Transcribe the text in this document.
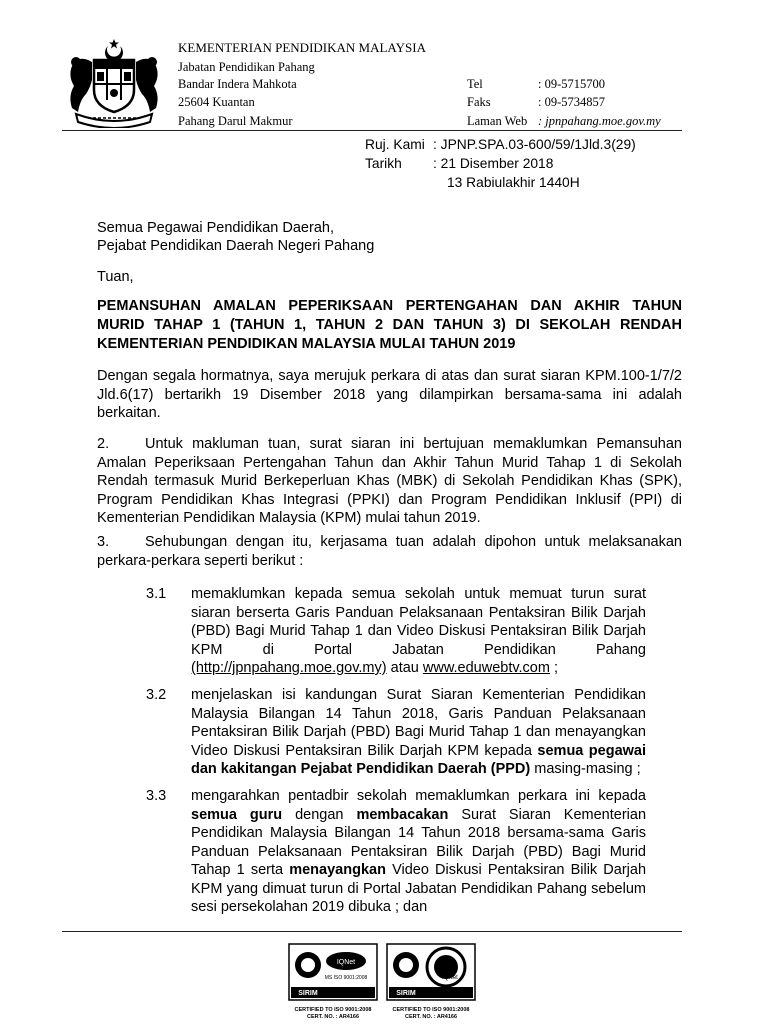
KEMENTERIAN PENDIDIKAN MALAYSIA
Jabatan Pendidikan Pahang
Bandar Indera Mahkota
25604 Kuantan
Pahang Darul Makmur
Tel	: 09-5715700
Faks	: 09-5734857
Laman Web : jpnpahang.moe.gov.my
Ruj. Kami : JPNP.SPA.03-600/59/1Jld.3(29)
Tarikh : 21 Disember 2018
13 Rabiulakhir 1440H
Semua Pegawai Pendidikan Daerah,
Pejabat Pendidikan Daerah Negeri Pahang
Tuan,
PEMANSUHAN AMALAN PEPERIKSAAN PERTENGAHAN DAN AKHIR TAHUN MURID TAHAP 1 (TAHUN 1, TAHUN 2 DAN TAHUN 3) DI SEKOLAH RENDAH KEMENTERIAN PENDIDIKAN MALAYSIA MULAI TAHUN 2019
Dengan segala hormatnya, saya merujuk perkara di atas dan surat siaran KPM.100-1/7/2 Jld.6(17) bertarikh 19 Disember 2018 yang dilampirkan bersama-sama ini adalah berkaitan.
2. Untuk makluman tuan, surat siaran ini bertujuan memaklumkan Pemansuhan Amalan Peperiksaan Pertengahan Tahun dan Akhir Tahun Murid Tahap 1 di Sekolah Rendah termasuk Murid Berkeperluan Khas (MBK) di Sekolah Pendidikan Khas (SPK), Program Pendidikan Khas Integrasi (PPKI) dan Program Pendidikan Inklusif (PPI) di Kementerian Pendidikan Malaysia (KPM) mulai tahun 2019.
3. Sehubungan dengan itu, kerjasama tuan adalah dipohon untuk melaksanakan perkara-perkara seperti berikut :
3.1 memaklumkan kepada semua sekolah untuk memuat turun surat siaran berserta Garis Panduan Pelaksanaan Pentaksiran Bilik Darjah (PBD) Bagi Murid Tahap 1 dan Video Diskusi Pentaksiran Bilik Darjah KPM di Portal Jabatan Pendidikan Pahang (http://jpnpahang.moe.gov.my) atau www.eduwebtv.com ;
3.2 menjelaskan isi kandungan Surat Siaran Kementerian Pendidikan Malaysia Bilangan 14 Tahun 2018, Garis Panduan Pelaksanaan Pentaksiran Bilik Darjah (PBD) Bagi Murid Tahap 1 dan menayangkan Video Diskusi Pentaksiran Bilik Darjah KPM kepada semua pegawai dan kakitangan Pejabat Pendidikan Daerah (PPD) masing-masing ;
3.3 mengarahkan pentadbir sekolah memaklumkan perkara ini kepada semua guru dengan membacakan Surat Siaran Kementerian Pendidikan Malaysia Bilangan 14 Tahun 2018 bersama-sama Garis Panduan Pelaksanaan Pentaksiran Bilik Darjah (PBD) Bagi Murid Tahap 1 serta menayangkan Video Diskusi Pentaksiran Bilik Darjah KPM yang dimuat turun di Portal Jabatan Pendidikan Pahang sebelum sesi persekolahan 2019 dibuka ; dan
IQNet
MS ISO 9001:2008
SIRIM
CERTIFIED TO ISO 9001:2008
CERT. NO. : AR4166
IQNet
SIRIM
CERTIFIED TO ISO 9001:2008
CERT. NO. : AR4166
